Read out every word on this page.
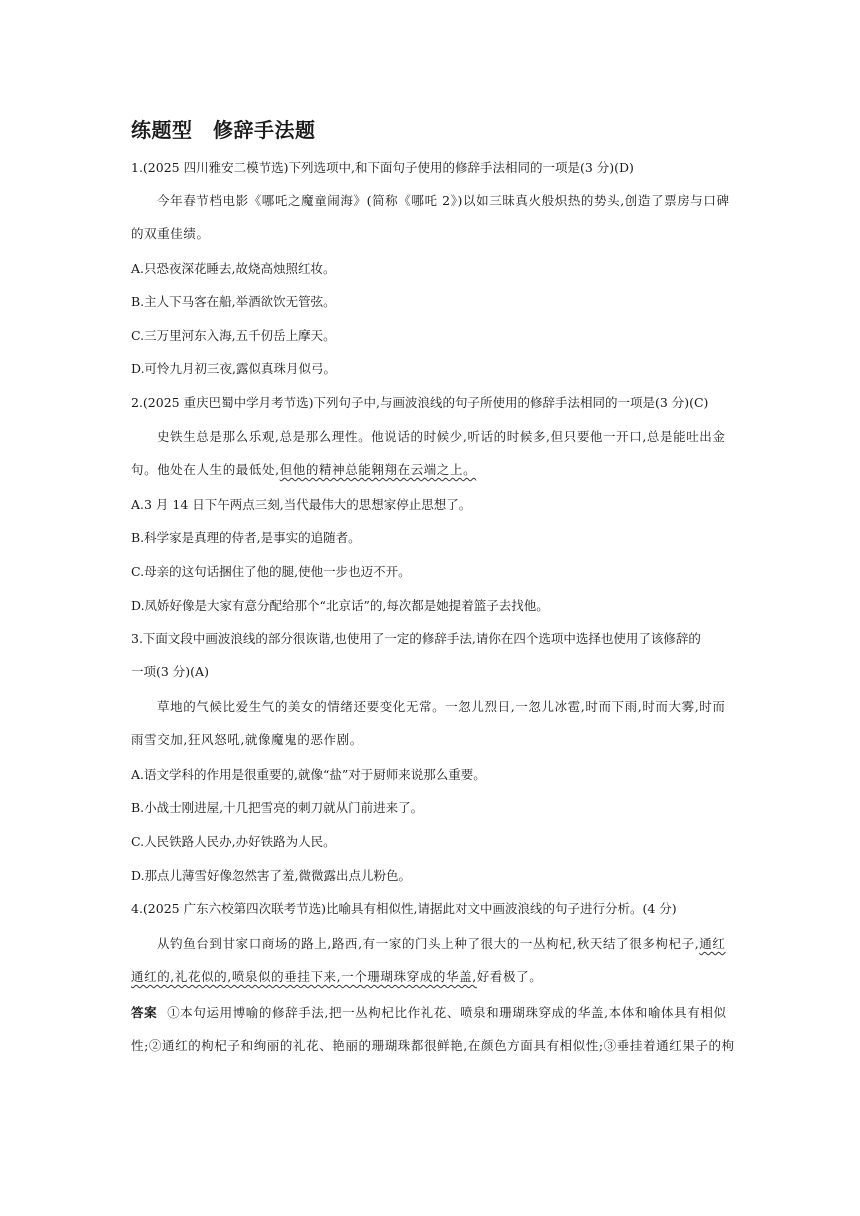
练题型　修辞手法题
1.(2025 四川雅安二模节选)下列选项中,和下面句子使用的修辞手法相同的一项是(3 分)(D)
今年春节档电影《哪吒之魔童闹海》(简称《哪吒 2》)以如三昧真火般炽热的势头,创造了票房与口碑
的双重佳绩。
A.只恐夜深花睡去,故烧高烛照红妆。
B.主人下马客在船,举酒欲饮无管弦。
C.三万里河东入海,五千仞岳上摩天。
D.可怜九月初三夜,露似真珠月似弓。
2.(2025 重庆巴蜀中学月考节选)下列句子中,与画波浪线的句子所使用的修辞手法相同的一项是(3 分)(C)
史铁生总是那么乐观,总是那么理性。他说话的时候少,听话的时候多,但只要他一开口,总是能吐出金
句。他处在人生的最低处,但他的精神总能翱翔在云端之上。
A.3 月 14 日下午两点三刻,当代最伟大的思想家停止思想了。
B.科学家是真理的侍者,是事实的追随者。
C.母亲的这句话捆住了他的腿,使他一步也迈不开。
D.凤娇好像是大家有意分配给那个“北京话”的,每次都是她提着篮子去找他。
3.下面文段中画波浪线的部分很诙谐,也使用了一定的修辞手法,请你在四个选项中选择也使用了该修辞的
一项(3 分)(A)
草地的气候比爱生气的美女的情绪还要变化无常。一忽儿烈日,一忽儿冰雹,时而下雨,时而大雾,时而
雨雪交加,狂风怒吼,就像魔鬼的恶作剧。
A.语文学科的作用是很重要的,就像“盐”对于厨师来说那么重要。
B.小战士刚进屋,十几把雪亮的刺刀就从门前进来了。
C.人民铁路人民办,办好铁路为人民。
D.那点儿薄雪好像忽然害了羞,微微露出点儿粉色。
4.(2025 广东六校第四次联考节选)比喻具有相似性,请据此对文中画波浪线的句子进行分析。(4 分)
从钓鱼台到甘家口商场的路上,路西,有一家的门头上种了很大的一丛枸杞,秋天结了很多枸杞子,通红
通红的,礼花似的,喷泉似的垂挂下来,一个珊瑚珠穿成的华盖,好看极了。
答案 ①本句运用博喻的修辞手法,把一丛枸杞比作礼花、喷泉和珊瑚珠穿成的华盖,本体和喻体具有相似
性;②通红的枸杞子和绚丽的礼花、艳丽的珊瑚珠都很鲜艳,在颜色方面具有相似性;③垂挂着通红果子的枸
